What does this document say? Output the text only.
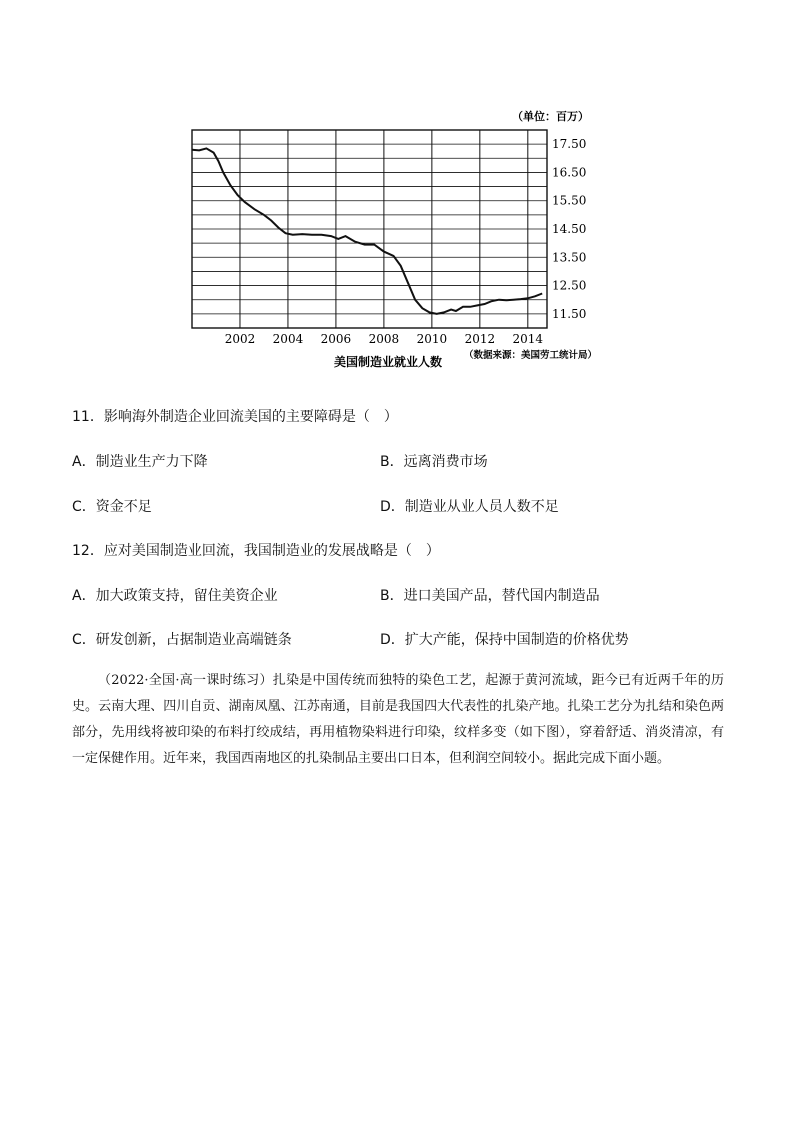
（单位：百万）
2002 2004 2006 2008 2010 2012 2014
17.50
16.50
15.50
14.50
13.50
12.50
11.50
美国制造业就业人数 （数据来源：美国劳工统计局）
11．影响海外制造企业回流美国的主要障碍是（　）
A．制造业生产力下降	B．远离消费市场
C．资金不足	D．制造业从业人员人数不足
12．应对美国制造业回流，我国制造业的发展战略是（　）
A．加大政策支持，留住美资企业	B．进口美国产品，替代国内制造品
C．研发创新，占据制造业高端链条	D．扩大产能，保持中国制造的价格优势
（2022·全国·高一课时练习）扎染是中国传统而独特的染色工艺，起源于黄河流域，距今已有近两千年的历史。云南大理、四川自贡、湖南凤凰、江苏南通，目前是我国四大代表性的扎染产地。扎染工艺分为扎结和染色两部分，先用线将被印染的布料打绞成结，再用植物染料进行印染，纹样多变（如下图），穿着舒适、消炎清凉，有一定保健作用。近年来，我国西南地区的扎染制品主要出口日本，但利润空间较小。据此完成下面小题。
